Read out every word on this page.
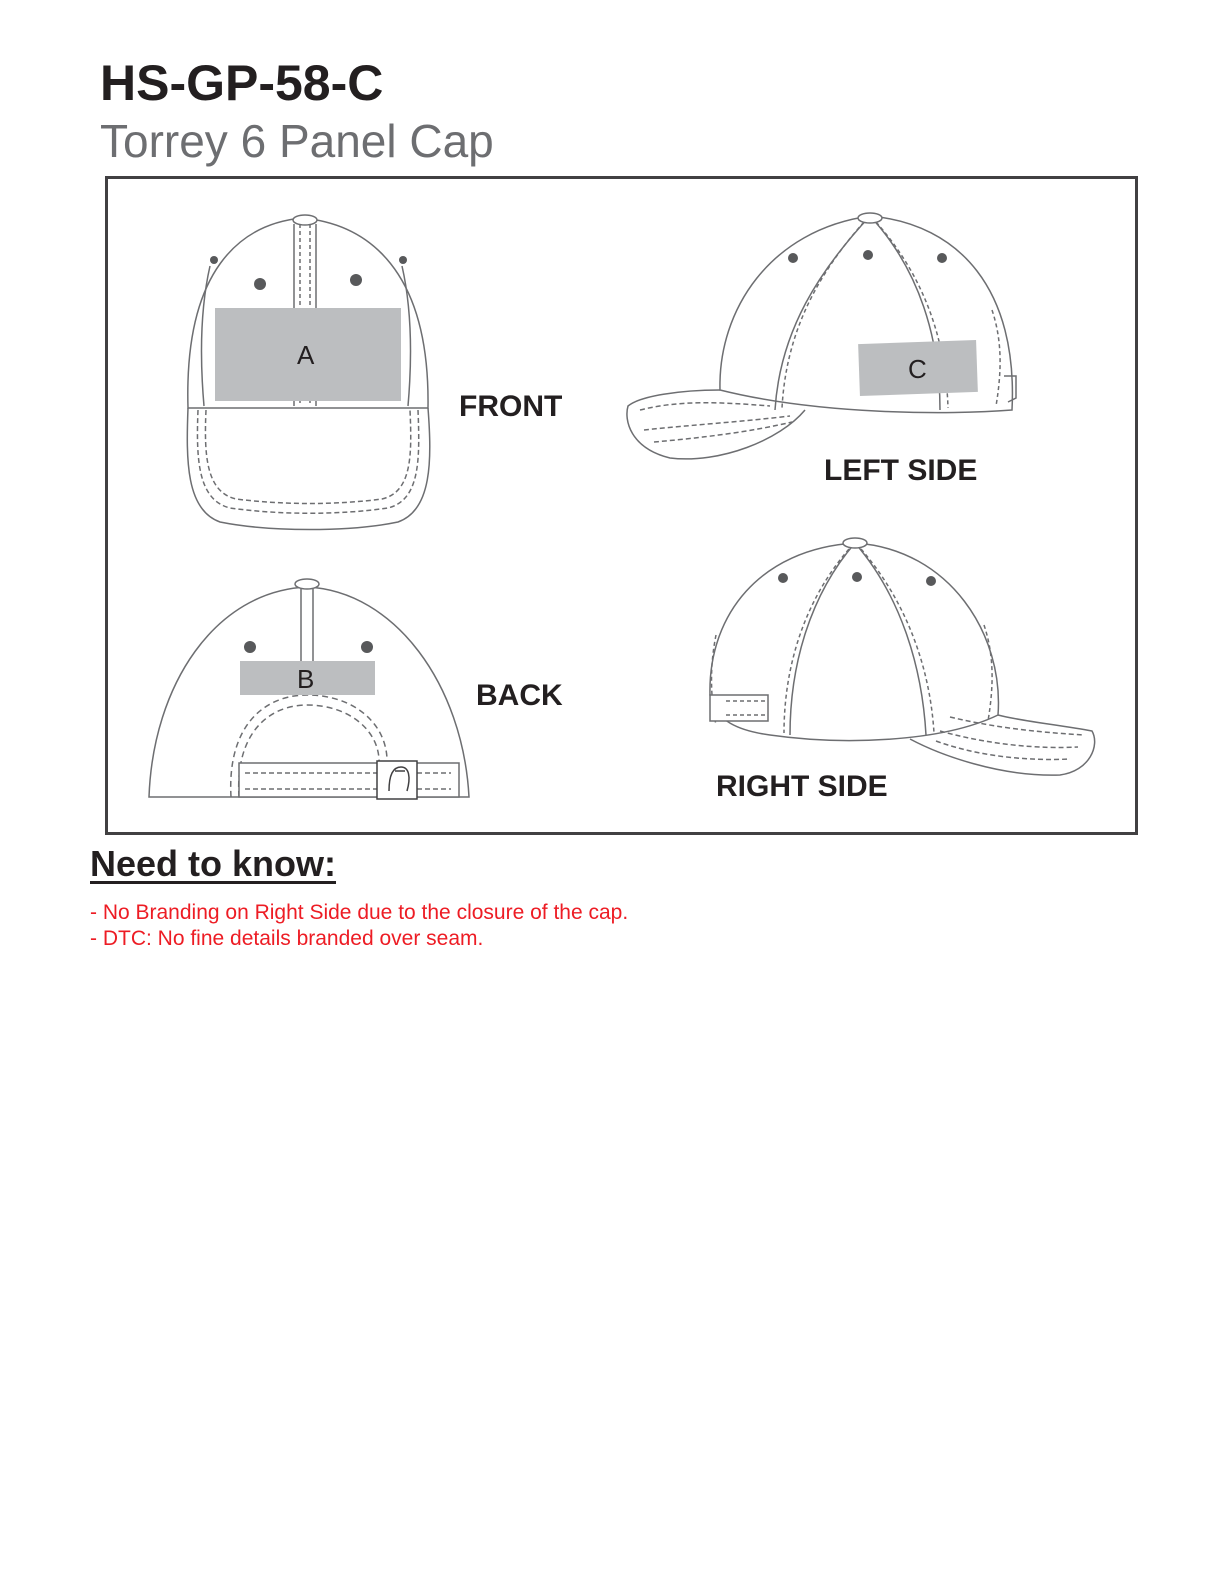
HS-GP-58-C
Torrey 6 Panel Cap
A
FRONT
C
LEFT SIDE
B	BACK
RIGHT SIDE
Need to know:
- No Branding on Right Side due to the closure of the cap.
- DTC: No fine details branded over seam.
